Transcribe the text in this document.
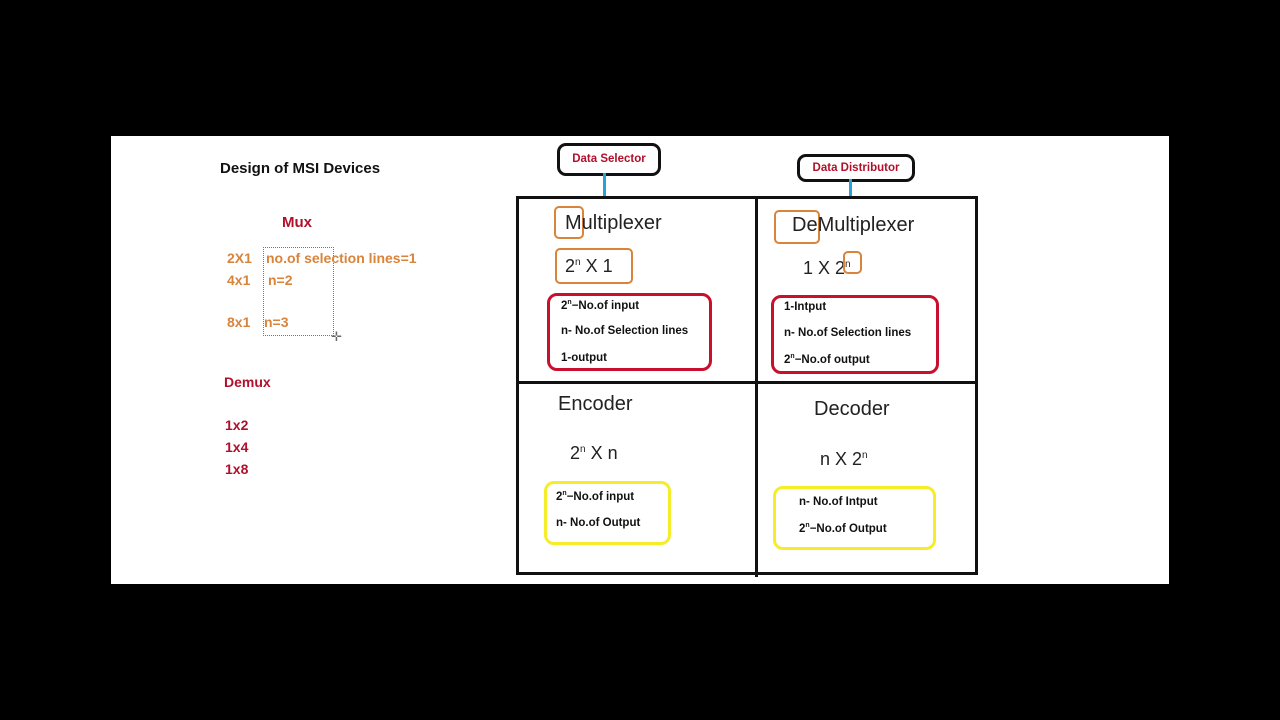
Design of MSI Devices
Mux
✛
2X1 no.of selection lines=1
4x1 n=2
8x1 n=3
Demux
1x2
1x4
1x8
Data Selector
Data Distributor
Multiplexer
2$^n$ X 1
$2^n-No.of$ input
n- No.of Selection lines
1-output
DeMultiplexer
1 X 2$^n$
1-Intput
n- No.of Selection lines
$2^n-No.of$ output
Encoder
2$^n$ X n
$2^n-No.of$ input
n- No.of Output
Decoder
n X 2$^n$
n- No.of Intput
$2^n-No.of$ Output
